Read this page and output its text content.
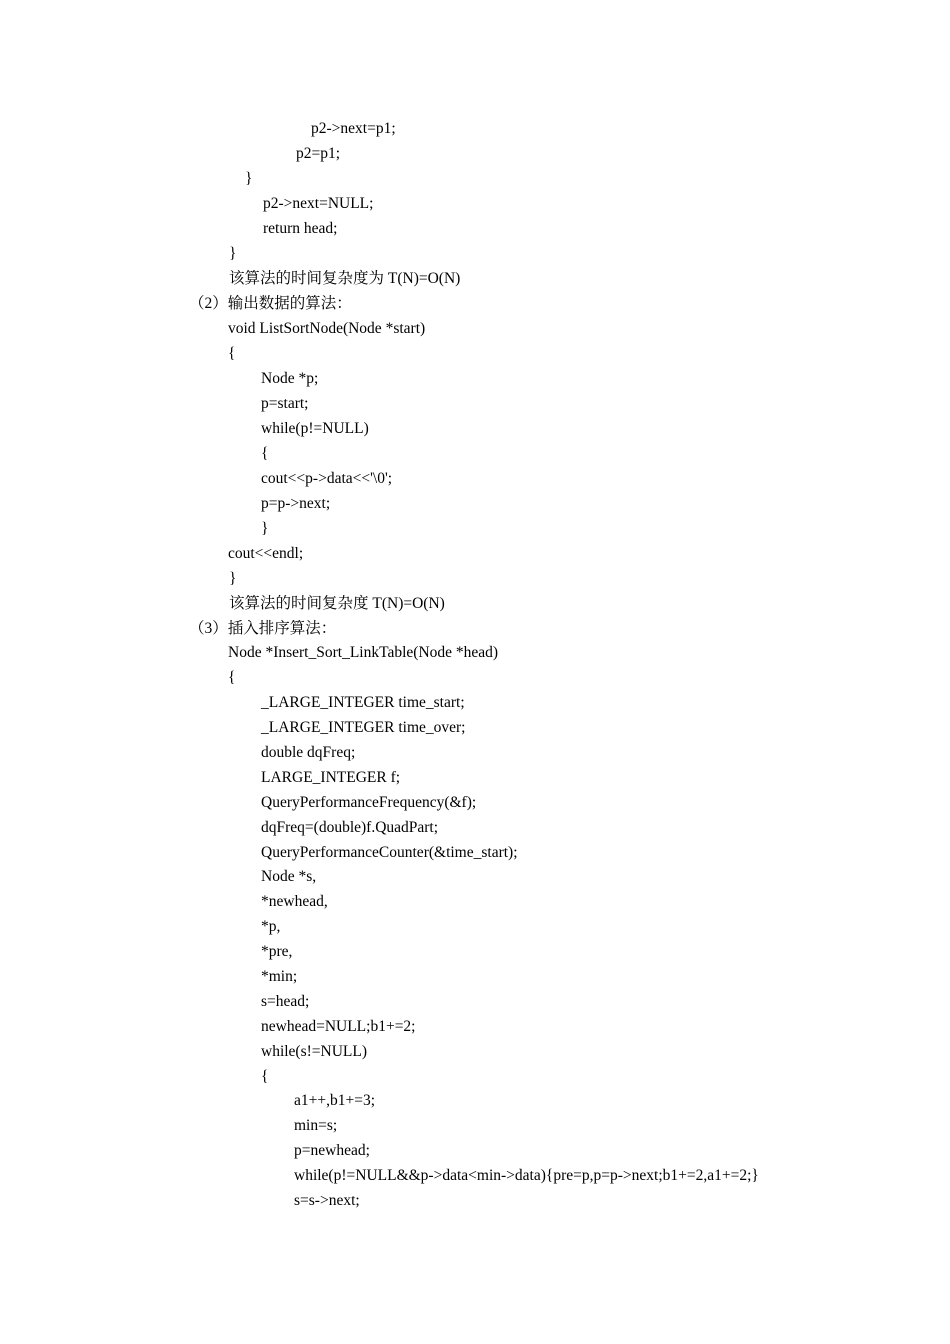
p2->next=p1;
p2=p1;
}
p2->next=NULL;
return head;
}
该算法的时间复杂度为 T(N)=O(N)
（2）输出数据的算法：
void ListSortNode(Node *start)
{
Node *p;
p=start;
while(p!=NULL)
{
cout<<p->data<<'\0';
p=p->next;
}
cout<<endl;
}
该算法的时间复杂度 T(N)=O(N)
（3）插入排序算法：
Node *Insert_Sort_LinkTable(Node *head)
{
_LARGE_INTEGER time_start;
_LARGE_INTEGER time_over;
double dqFreq;
LARGE_INTEGER f;
QueryPerformanceFrequency(&f);
dqFreq=(double)f.QuadPart;
QueryPerformanceCounter(&time_start);
Node *s,
*newhead,
*p,
*pre,
*min;
s=head;
newhead=NULL;b1+=2;
while(s!=NULL)
{
a1++,b1+=3;
min=s;
p=newhead;
while(p!=NULL&&p->data<min->data){pre=p,p=p->next;b1+=2,a1+=2;}
s=s->next;
